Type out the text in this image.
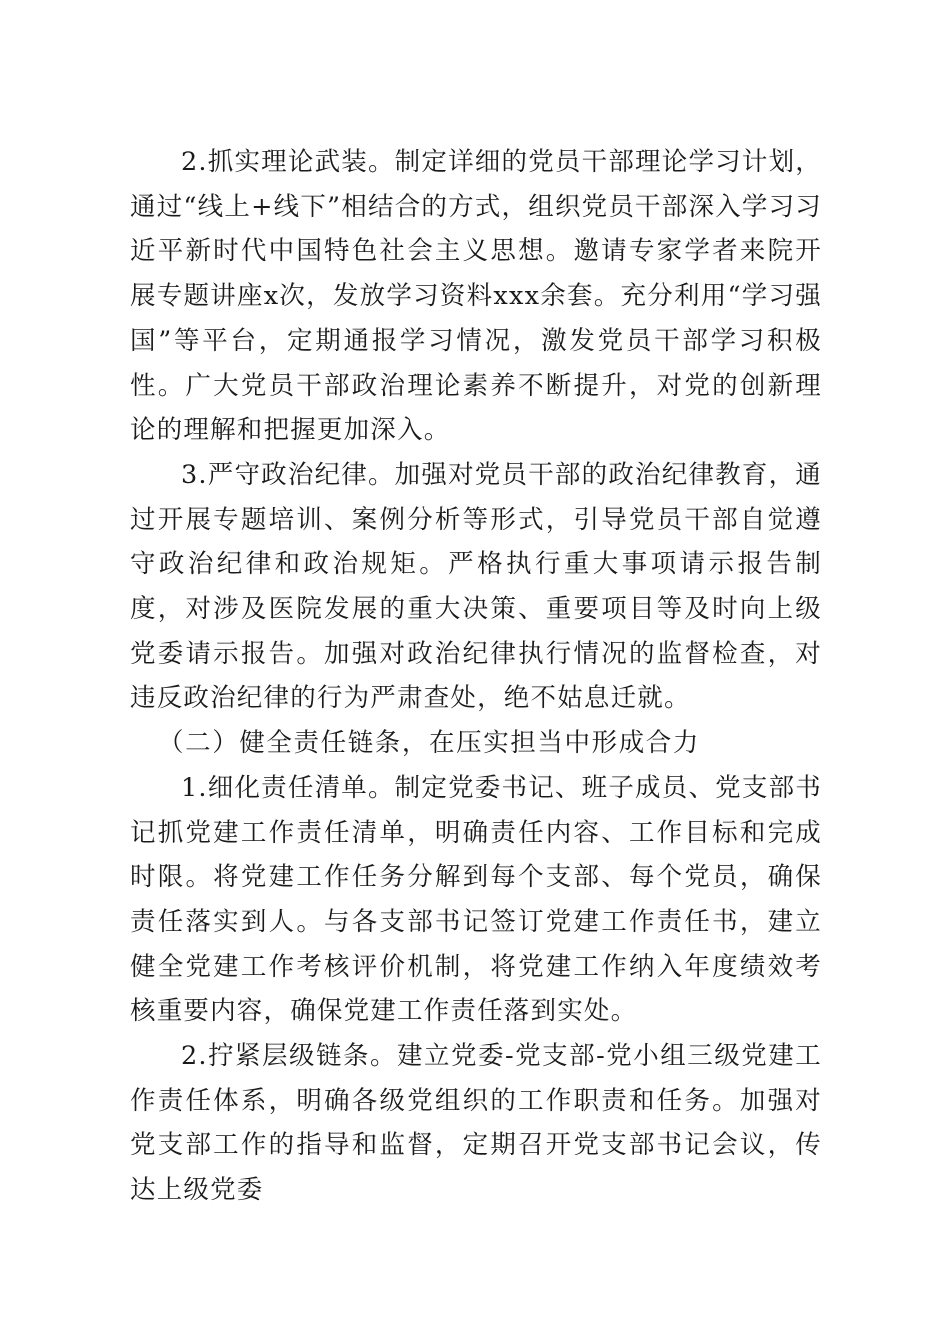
2.抓实理论武装。制定详细的党员干部理论学习计划，通过“线上+线下”相结合的方式，组织党员干部深入学习习近平新时代中国特色社会主义思想。邀请专家学者来院开展专题讲座x次，发放学习资料xxx余套。充分利用“学习强国”等平台，定期通报学习情况，激发党员干部学习积极性。广大党员干部政治理论素养不断提升，对党的创新理论的理解和把握更加深入。

3.严守政治纪律。加强对党员干部的政治纪律教育，通过开展专题培训、案例分析等形式，引导党员干部自觉遵守政治纪律和政治规矩。严格执行重大事项请示报告制度，对涉及医院发展的重大决策、重要项目等及时向上级党委请示报告。加强对政治纪律执行情况的监督检查，对违反政治纪律的行为严肃查处，绝不姑息迁就。

（二）健全责任链条，在压实担当中形成合力

1.细化责任清单。制定党委书记、班子成员、党支部书记抓党建工作责任清单，明确责任内容、工作目标和完成时限。将党建工作任务分解到每个支部、每个党员，确保责任落实到人。与各支部书记签订党建工作责任书，建立健全党建工作考核评价机制，将党建工作纳入年度绩效考核重要内容，确保党建工作责任落到实处。

2.拧紧层级链条。建立党委-党支部-党小组三级党建工作责任体系，明确各级党组织的工作职责和任务。加强对党支部工作的指导和监督，定期召开党支部书记会议，传达上级党委
